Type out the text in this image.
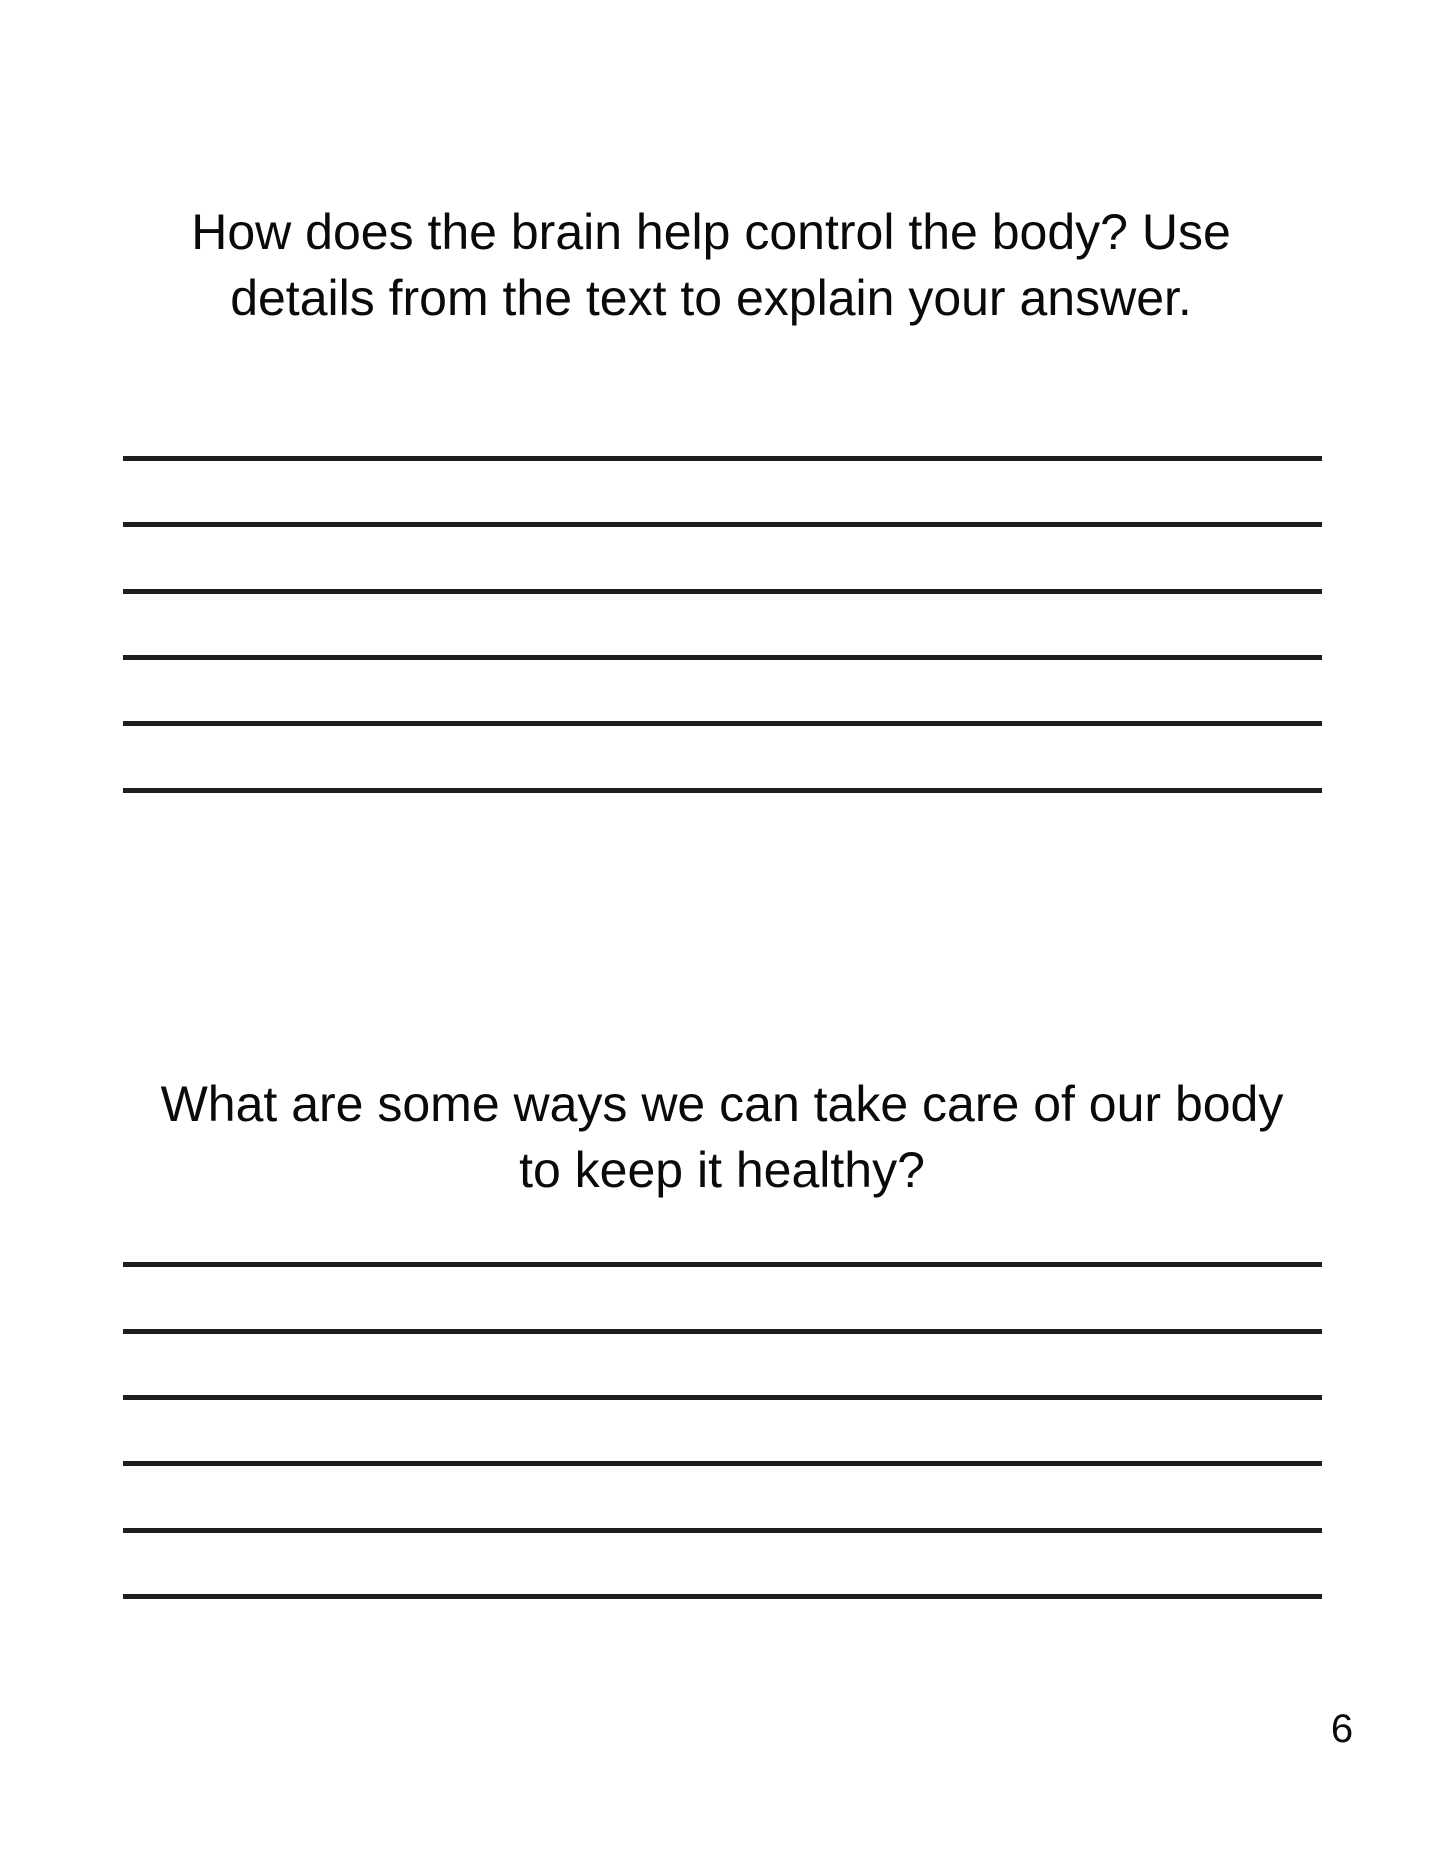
How does the brain help control the body? Use
details from the text to explain your answer.
What are some ways we can take care of our body
to keep it healthy?
6
